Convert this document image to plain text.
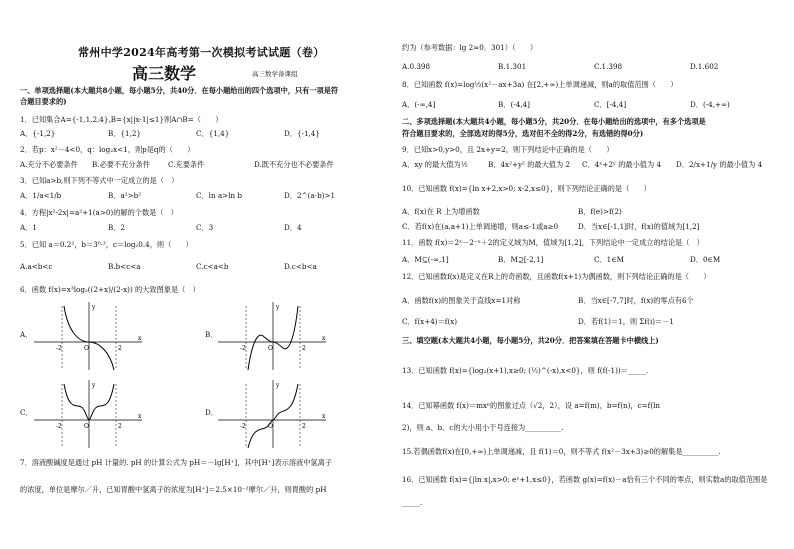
常州中学2024年高考第一次模拟考试试题（卷）
高三数学	高三数学备课组
一、单项选择题(本大题共8小题，每小题5分，共40分．在每小题给出的四个选项中，只有一项是符
合题目要求的)
1．已知集合A={-1,1,2,4},B={x||x-1|≤1}则A∩B=（　　）
A．{-1,2}	B．{1,2}	C．{1,4}	D．{-1,4}
2．若p：x²－4<0，q：log₂x<1，则p是q的（　　）
A.充分不必要条件	B.必要不充分条件	C.充要条件	D.既不充分也不必要条件
3．已知a>b,则下列不等式中一定成立的是（　）
A．1/a<1/b	B．a²>b²	C．ln a>ln b	D．2^(a-b)>1
4．方程|x²-2x|=a²+1(a>0)的解的个数是（　）
A．1	B．2	C．3	D．4
5．已知 a＝0.2²，b＝3⁰·³，c＝log₂0.4，则（　　）
A.a<b<c	B.b<c<a	C.c<a<b	D.c<b<a
6．函数 f(x)=x³log₂((2+x)/(2-x)) 的大致图象是（　）
A．
-2	O	2
x
y
B．
-2	O	2
x
y
C．
-2	O	2
x
y
D．
-2	O	2
x
y
7．溶液酸碱度是通过 pH 计量的. pH 的计算公式为 pH＝－lg[H⁺]，其中[H⁺]表示溶液中氢离子
的浓度，单位是摩尔／升，已知胃酸中氢离子的浓度为[H⁺]＝2.5×10⁻²摩尔／升，则胃酸的 pH
约为（参考数据：lg 2≈0．301）（　　）
A.0.398	B.1.301	C.1.398	D.1.602
8．已知函数 f(x)=log½(x²－ax+3a) 在[2,+∞)上单调递减，则a的取值范围（　　）
A．(-∞,4]	B．(-4,4]	C．[-4,4]	D．(-4,+∞)
二、多项选择题(本大题共4小题，每小题5分，共20分．在每小题给出的选项中，有多个选项是
符合题目要求的，全部选对的得5分，选对但不全的得2分，有选错的得0分)
9．已知x>0,y>0，且 2x+y=2，则下列结论中正确的是（　　）
A．xy 的最大值为½	B．4x²+y² 的最大值为 2	C．4ˣ+2ʸ 的最小值为 4	D．2/x+1/y 的最小值为 4
10．已知函数 f(x)={ln x+2,x>0; x-2,x≤0}，则下列结论正确的是（　　）
A．f(x)在 R 上为增函数	B．f(e)>f(2)
C．若f(x)在(a,a+1)上单调递增，则a≤-1或a≥0	D．当x∈[-1,1]时，f(x)的值域为[1,2]
11．函数 f(x)＝2ˣ－2⁻ˣ＋2的定义域为M，值域为[1,2]，下列结论中一定成立的结论是（　）
A．M⊆(-∞,1]	B．M⊇[-2,1]	C．1∈M	D．0∈M
12．已知函数f(x)是定义在R上的奇函数，且函数f(x+1)为偶函数，则下列结论正确的是（　　）
A．函数f(x)的图象关于直线x=1对称	B．当x∈[-7,7]时，f(x)的零点有6个
C．f(x+4)＝f(x)	D．若f(1)＝1，则 Σf(i)＝－1
三、填空题(本大题共4小题，每小题5分，共20分．把答案填在答题卡中横线上)
13．已知函数 f(x)={log₂(x+1),x≥0; (½)^(-x),x<0}，则 f(f(-1))＝_____.
14．已知幂函数 f(x)＝mxⁿ的图象过点（√2，2），设 a=f(m)，b=f(n)，c=f(ln
2)，则 a、b、c的大小用小于号连接为__________.
15.若偶函数f(x)在[0,+∞)上单调递减，且 f(1)＝0，则不等式 f(x²－3x+3)≥0的解集是__________.
16．已知函数 f(x)={|ln x|,x>0; eˣ+1,x≤0}，若函数 g(x)=f(x)－a恰有三个不同的零点，则实数a的取值范围是
_____.
